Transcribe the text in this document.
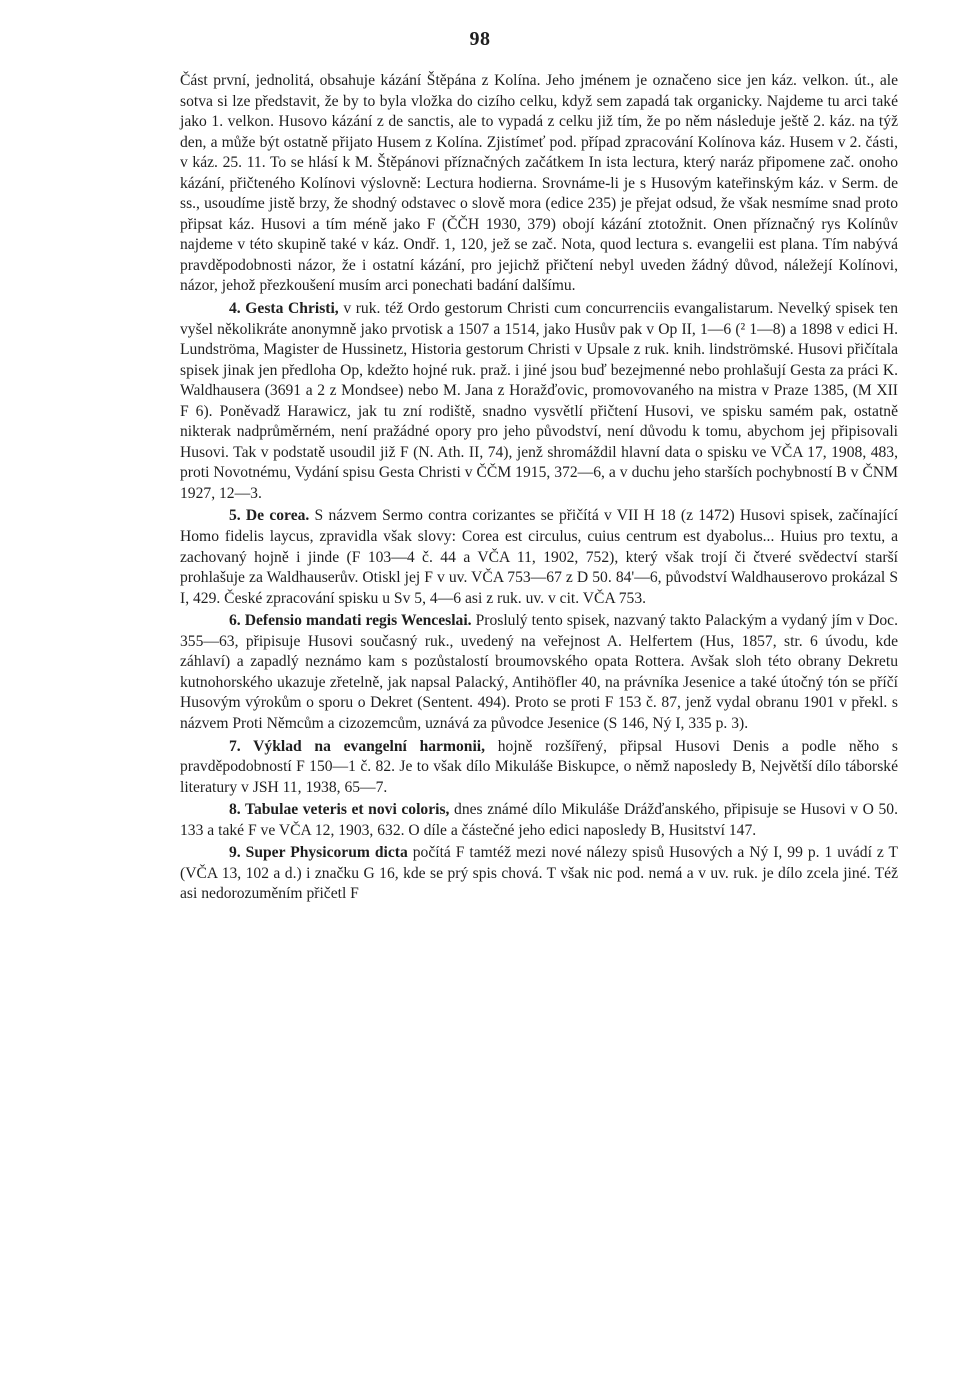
98

Část první, jednolitá, obsahuje kázání Štěpána z Kolína. Jeho jménem je označeno sice jen káz. velkon. út., ale sotva si lze představit, že by to byla vložka do cizího celku, když sem zapadá tak organicky. Najdeme tu arci také jako 1. velkon. Husovo kázání z de sanctis, ale to vypadá z celku již tím, že po něm následuje ještě 2. káz. na týž den, a může být ostatně přijato Husem z Kolína. Zjistímeť pod. případ zpracování Kolínova káz. Husem v 2. části, v káz. 25. 11. To se hlásí k M. Štěpánovi příznačných začátkem In ista lectura, který naráz připomene zač. onoho kázání, přičteného Kolínovi výslovně: Lectura hodierna. Srovnáme-li je s Husovým kateřinským káz. v Serm. de ss., usoudíme jistě brzy, že shodný odstavec o slově mora (edice 235) je přejat odsud, že však nesmíme snad proto připsat káz. Husovi a tím méně jako F (ČČH 1930, 379) obojí kázání ztotožnit. Onen příznačný rys Kolínův najdeme v této skupině také v káz. Ondř. 1, 120, jež se zač. Nota, quod lectura s. evangelii est plana. Tím nabývá pravděpodobnosti názor, že i ostatní kázání, pro jejichž přičtení nebyl uveden žádný důvod, náležejí Kolínovi, názor, jehož přezkoušení musím arci ponechati badání dalšímu.

4. Gesta Christi, v ruk. též Ordo gestorum Christi cum concurrenciis evangalistarum. Nevelký spisek ten vyšel několikráte anonymně jako prvotisk a 1507 a 1514, jako Husův pak v Op II, 1—6 (² 1—8) a 1898 v edici H. Lundströma, Magister de Hussinetz, Historia gestorum Christi v Upsale z ruk. knih. lindströmské. Husovi přičítala spisek jinak jen předloha Op, kdežto hojné ruk. praž. i jiné jsou buď bezejmenné nebo prohlašují Gesta za práci K. Waldhausera (3691 a 2 z Mondsee) nebo M. Jana z Horažďovic, promovovaného na mistra v Praze 1385, (M XII F 6). Poněvadž Harawicz, jak tu zní rodiště, snadno vysvětlí přičtení Husovi, ve spisku samém pak, ostatně nikterak nadprůměrném, není pražádné opory pro jeho původství, není důvodu k tomu, abychom jej připisovali Husovi. Tak v podstatě usoudil již F (N. Ath. II, 74), jenž shromáždil hlavní data o spisku ve VČA 17, 1908, 483, proti Novotnému, Vydání spisu Gesta Christi v ČČM 1915, 372—6, a v duchu jeho starších pochybností B v ČNM 1927, 12—3.

5. De corea. S názvem Sermo contra corizantes se přičítá v VII H 18 (z 1472) Husovi spisek, začínající Homo fidelis laycus, zpravidla však slovy: Corea est circulus, cuius centrum est dyabolus... Huius pro textu, a zachovaný hojně i jinde (F 103—4 č. 44 a VČA 11, 1902, 752), který však trojí či čtveré svědectví starší prohlašuje za Waldhauserův. Otiskl jej F v uv. VČA 753—67 z D 50. 84'—6, původství Waldhauserovo prokázal S I, 429. České zpracování spisku u Sv 5, 4—6 asi z ruk. uv. v cit. VČA 753.

6. Defensio mandati regis Wenceslai. Proslulý tento spisek, nazvaný takto Palackým a vydaný jím v Doc. 355—63, připisuje Husovi současný ruk., uvedený na veřejnost A. Helfertem (Hus, 1857, str. 6 úvodu, kde záhlaví) a zapadlý neznámo kam s pozůstalostí broumovského opata Rottera. Avšak sloh této obrany Dekretu kutnohorského ukazuje zřetelně, jak napsal Palacký, Antihöfler 40, na právníka Jesenice a také útočný tón se příčí Husovým výrokům o sporu o Dekret (Sentent. 494). Proto se proti F 153 č. 87, jenž vydal obranu 1901 v překl. s názvem Proti Němcům a cizozemcům, uznává za původce Jesenice (S 146, Ný I, 335 p. 3).

7. Výklad na evangelní harmonii, hojně rozšířený, připsal Husovi Denis a podle něho s pravděpodobností F 150—1 č. 82. Je to však dílo Mikuláše Biskupce, o němž naposledy B, Největší dílo táborské literatury v JSH 11, 1938, 65—7.

8. Tabulae veteris et novi coloris, dnes známé dílo Mikuláše Drážďanského, připisuje se Husovi v O 50. 133 a také F ve VČA 12, 1903, 632. O díle a částečné jeho edici naposledy B, Husitství 147.

9. Super Physicorum dicta počítá F tamtéž mezi nové nálezy spisů Husových a Ný I, 99 p. 1 uvádí z T (VČA 13, 102 a d.) i značku G 16, kde se prý spis chová. T však nic pod. nemá a v uv. ruk. je dílo zcela jiné. Též asi nedorozuměním přičetl F
